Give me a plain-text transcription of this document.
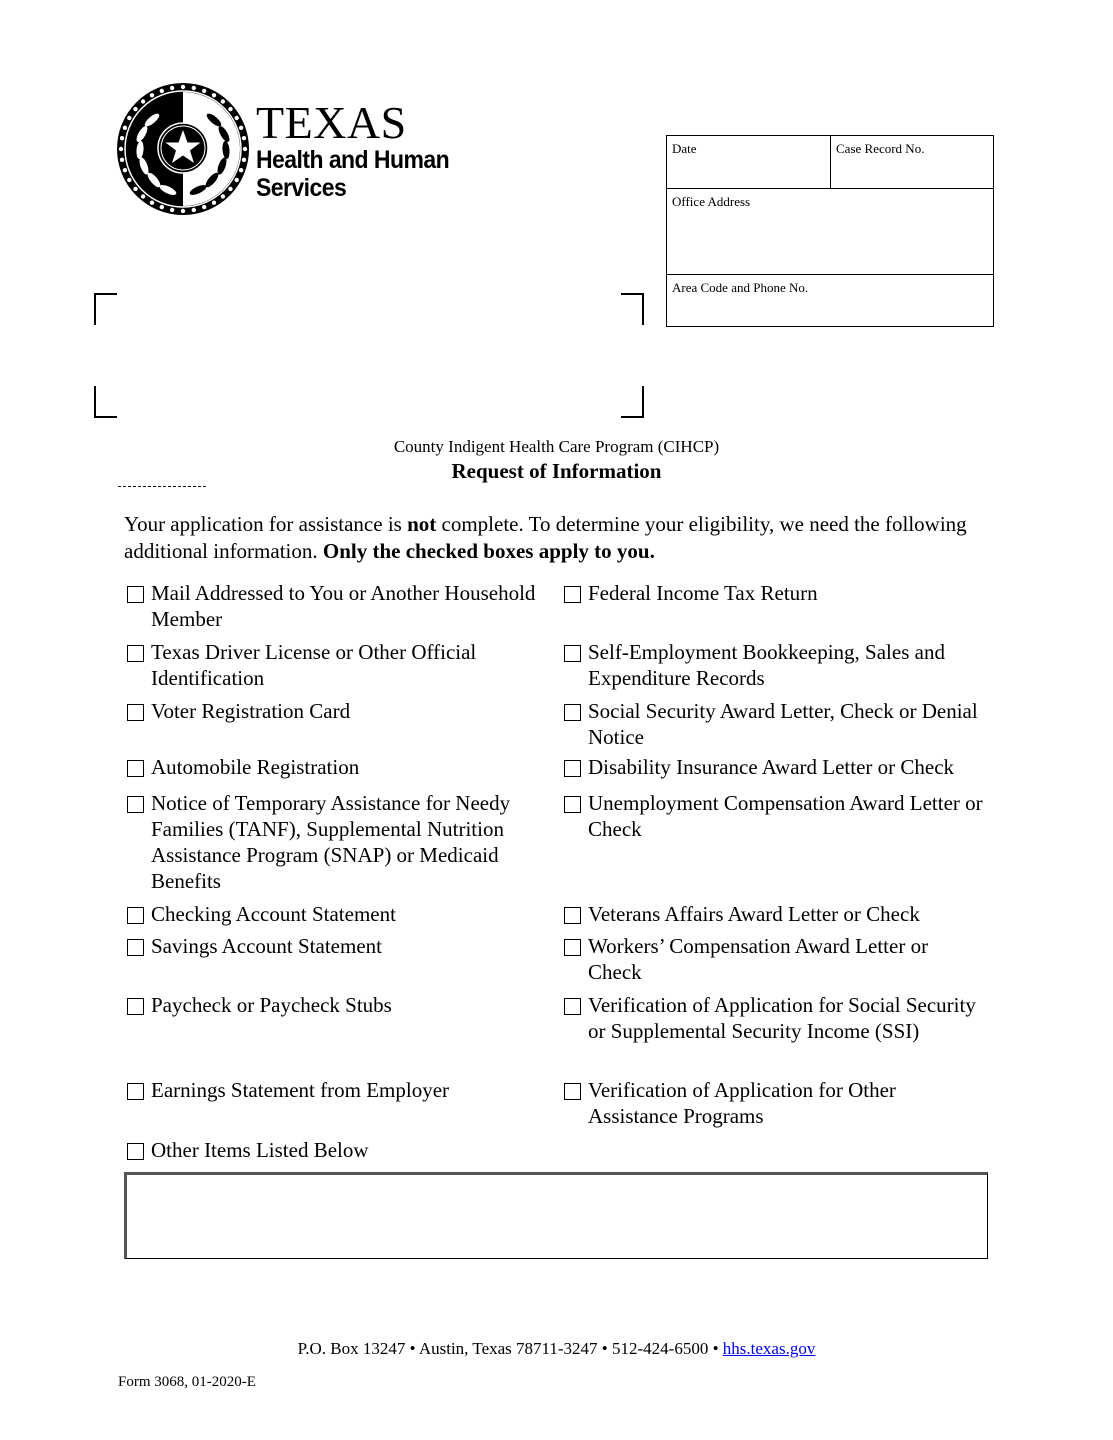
TEXAS
Health and Human
Services
Date	Case Record No.
Office Address
Area Code and Phone No.
County Indigent Health Care Program (CIHCP)
Request of Information
Your application for assistance is not complete. To determine your eligibility, we need the following additional information. Only the checked boxes apply to you.
Mail Addressed to You or Another Household Member
Texas Driver License or Other Official Identification
Voter Registration Card
Automobile Registration
Notice of Temporary Assistance for Needy Families (TANF), Supplemental Nutrition Assistance Program (SNAP) or Medicaid Benefits
Checking Account Statement
Savings Account Statement
Paycheck or Paycheck Stubs
Earnings Statement from Employer
Other Items Listed Below
Federal Income Tax Return
Self-Employment Bookkeeping, Sales and Expenditure Records
Social Security Award Letter, Check or Denial Notice
Disability Insurance Award Letter or Check
Unemployment Compensation Award Letter or Check
Veterans Affairs Award Letter or Check
Workers’ Compensation Award Letter or Check
Verification of Application for Social Security or Supplemental Security Income (SSI)
Verification of Application for Other Assistance Programs
P.O. Box 13247 • Austin, Texas 78711-3247 • 512-424-6500 • hhs.texas.gov
Form 3068, 01-2020-E
